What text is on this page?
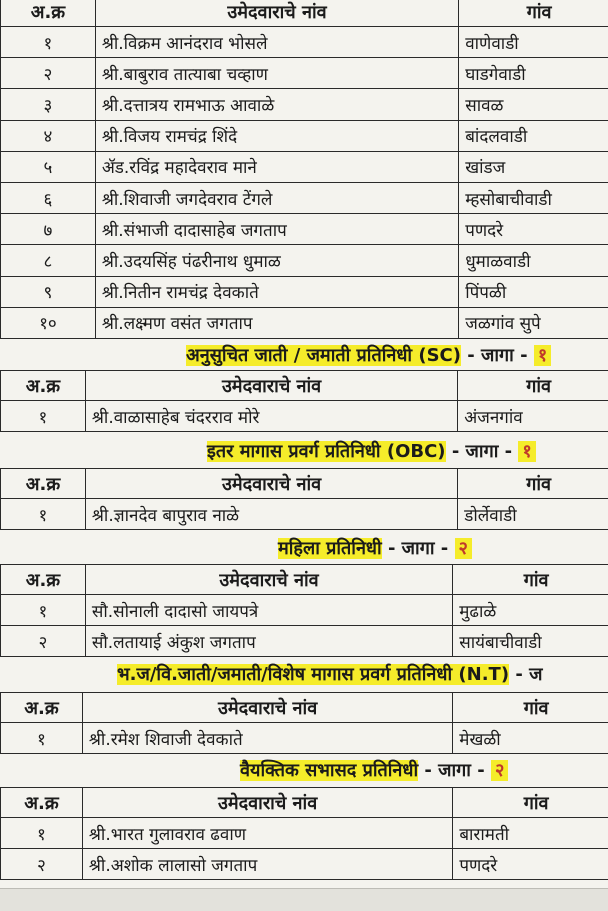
अ.क्र	उमेदवाराचे नांव	गांव
१	श्री.विक्रम आनंदराव भोसले	वाणेवाडी
२	श्री.बाबुराव तात्याबा चव्हाण	घाडगेवाडी
३	श्री.दत्तात्रय रामभाऊ आवाळे	सावळ
४	श्री.विजय रामचंद्र शिंदे	बांदलवाडी
५	ॲड.रविंद्र महादेवराव माने	खांडज
६	श्री.शिवाजी जगदेवराव टेंगले	म्हसोबाचीवाडी
७	श्री.संभाजी दादासाहेब जगताप	पणदरे
८	श्री.उदयसिंह पंढरीनाथ धुमाळ	धुमाळवाडी
९	श्री.नितीन रामचंद्र देवकाते	पिंपळी
१०	श्री.लक्ष्मण वसंत जगताप	जळगांव सुपे
अनुसुचित जाती / जमाती प्रतिनिधी (SC) - जागा - १
अ.क्र	उमेदवाराचे नांव	गांव
१	श्री.वाळासाहेब चंदरराव मोरे	अंजनगांव
इतर मागास प्रवर्ग प्रतिनिधी (OBC) - जागा - १
अ.क्र	उमेदवाराचे नांव	गांव
१	श्री.ज्ञानदेव बापुराव नाळे	डोर्लेवाडी
महिला प्रतिनिधी - जागा - २
अ.क्र	उमेदवाराचे नांव	गांव
१	सौ.सोनाली दादासो जायपत्रे	मुढाळे
२	सौ.लतायाई अंकुश जगताप	सायंबाचीवाडी
भ.ज/वि.जाती/जमाती/विशेष मागास प्रवर्ग प्रतिनिधी (N.T) - ज
अ.क्र	उमेदवाराचे नांव	गांव
१	श्री.रमेश शिवाजी देवकाते	मेखळी
वैयक्तिक सभासद प्रतिनिधी - जागा - २
अ.क्र	उमेदवाराचे नांव	गांव
१	श्री.भारत गुलावराव ढवाण	बारामती
२	श्री.अशोक लालासो जगताप	पणदरे
